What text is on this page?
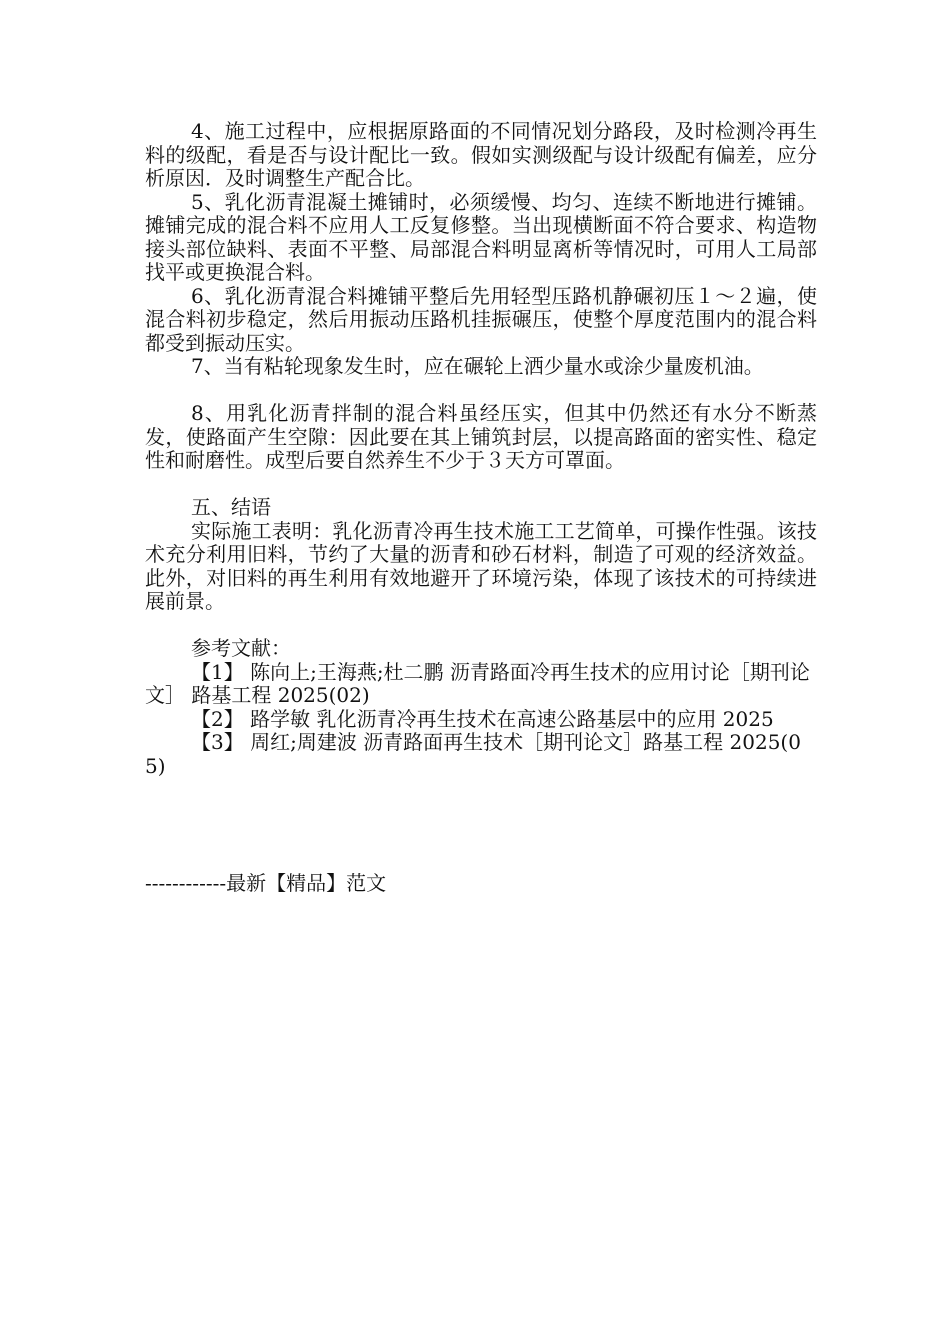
4、施工过程中，应根据原路面的不同情况划分路段，及时检测冷再生料的级配，看是否与设计配比一致。假如实测级配与设计级配有偏差，应分析原因．及时调整生产配合比。

5、乳化沥青混凝土摊铺时，必须缓慢、均匀、连续不断地进行摊铺。摊铺完成的混合料不应用人工反复修整。当出现横断面不符合要求、构造物接头部位缺料、表面不平整、局部混合料明显离析等情况时，可用人工局部找平或更换混合料。

6、乳化沥青混合料摊铺平整后先用轻型压路机静碾初压１～２遍，使混合料初步稳定，然后用振动压路机挂振碾压，使整个厚度范围内的混合料都受到振动压实。

7、当有粘轮现象发生时，应在碾轮上洒少量水或涂少量废机油。

8、用乳化沥青拌制的混合料虽经压实，但其中仍然还有水分不断蒸发，使路面产生空隙：因此要在其上铺筑封层，以提高路面的密实性、稳定性和耐磨性。成型后要自然养生不少于３天方可罩面。

五、结语

实际施工表明：乳化沥青冷再生技术施工工艺简单，可操作性强。该技术充分利用旧料，节约了大量的沥青和砂石材料，制造了可观的经济效益。此外，对旧料的再生利用有效地避开了环境污染，体现了该技术的可持续进展前景。

参考文献：

【1】 陈向上;王海燕;杜二鹏 沥青路面冷再生技术的应用讨论［期刊论文］ 路基工程 2025(02)

【2】 路学敏 乳化沥青冷再生技术在高速公路基层中的应用 2025

【3】 周红;周建波 沥青路面再生技术［期刊论文］路基工程 2025(05)

------------最新【精品】范文
